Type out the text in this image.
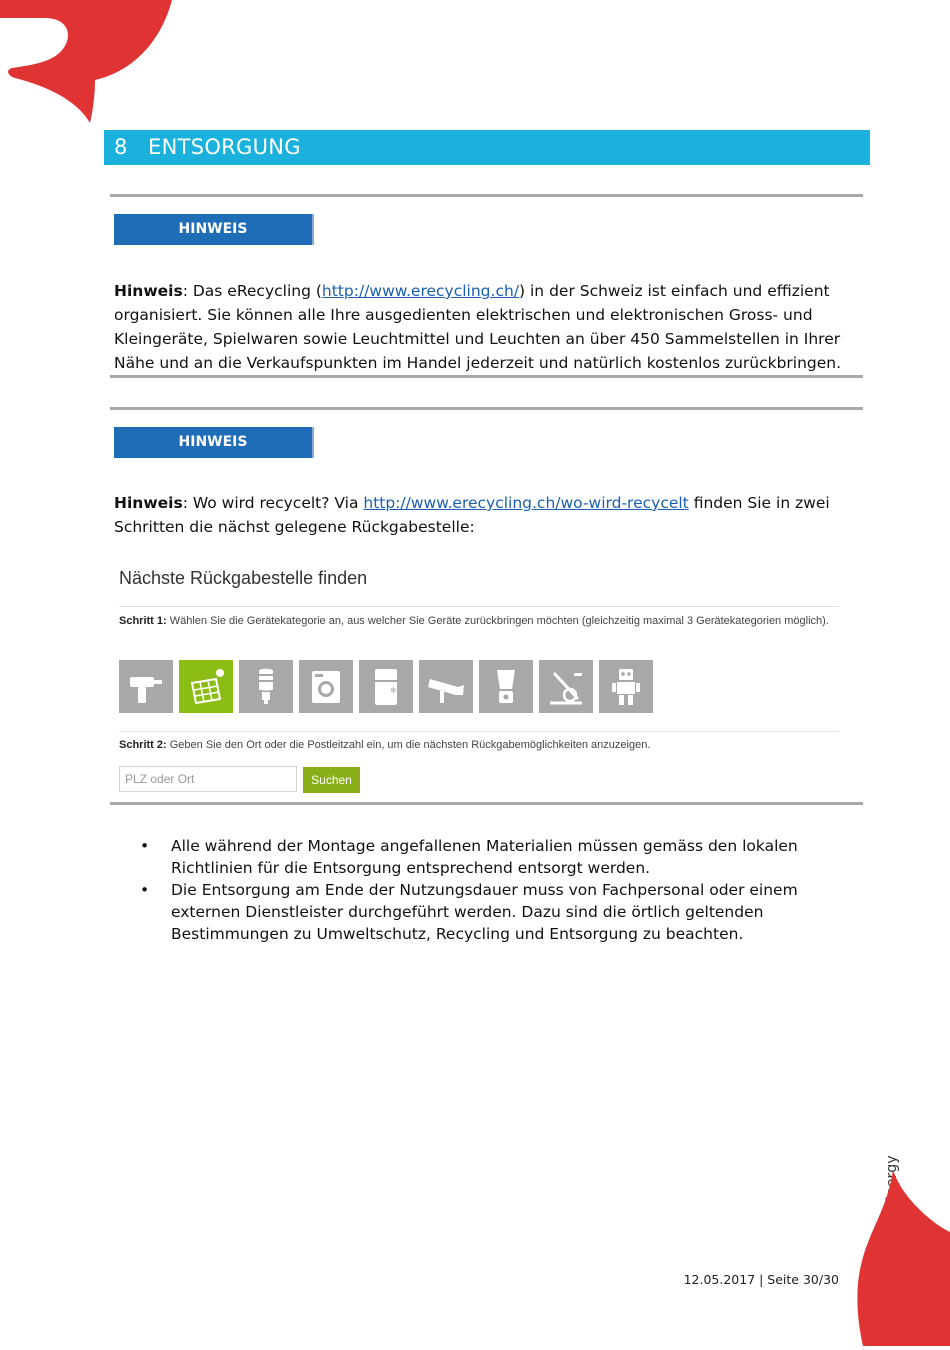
8 ENTSORGUNG
HINWEIS
Hinweis: Das eRecycling (http://www.erecycling.ch/) in der Schweiz ist einfach und effizient organisiert. Sie können alle Ihre ausgedienten elektrischen und elektronischen Gross- und Kleingeräte, Spielwaren sowie Leuchtmittel und Leuchten an über 450 Sammelstellen in Ihrer Nähe und an die Verkaufspunkten im Handel jederzeit und natürlich kostenlos zurückbringen.
HINWEIS
Hinweis: Wo wird recycelt? Via http://www.erecycling.ch/wo-wird-recycelt finden Sie in zwei Schritten die nächst gelegene Rückgabestelle:
Nächste Rückgabestelle finden
Schritt 1: Wählen Sie die Gerätekategorie an, aus welcher Sie Geräte zurückbringen möchten (gleichzeitig maximal 3 Gerätekategorien möglich).
❄
Schritt 2: Geben Sie den Ort oder die Postleitzahl ein, um die nächsten Rückgabemöglichkeiten anzuzeigen.
PLZ oder Ort	Suchen
• Alle während der Montage angefallenen Materialien müssen gemäss den lokalen Richtlinien für die Entsorgung entsprechend entsorgt werden.
• Die Entsorgung am Ende der Nutzungsdauer muss von Fachpersonal oder einem externen Dienstleister durchgeführt werden. Dazu sind die örtlich geltenden Bestimmungen zu Umweltschutz, Recycling und Entsorgung zu beachten.
12.05.2017 | Seite 30/30
